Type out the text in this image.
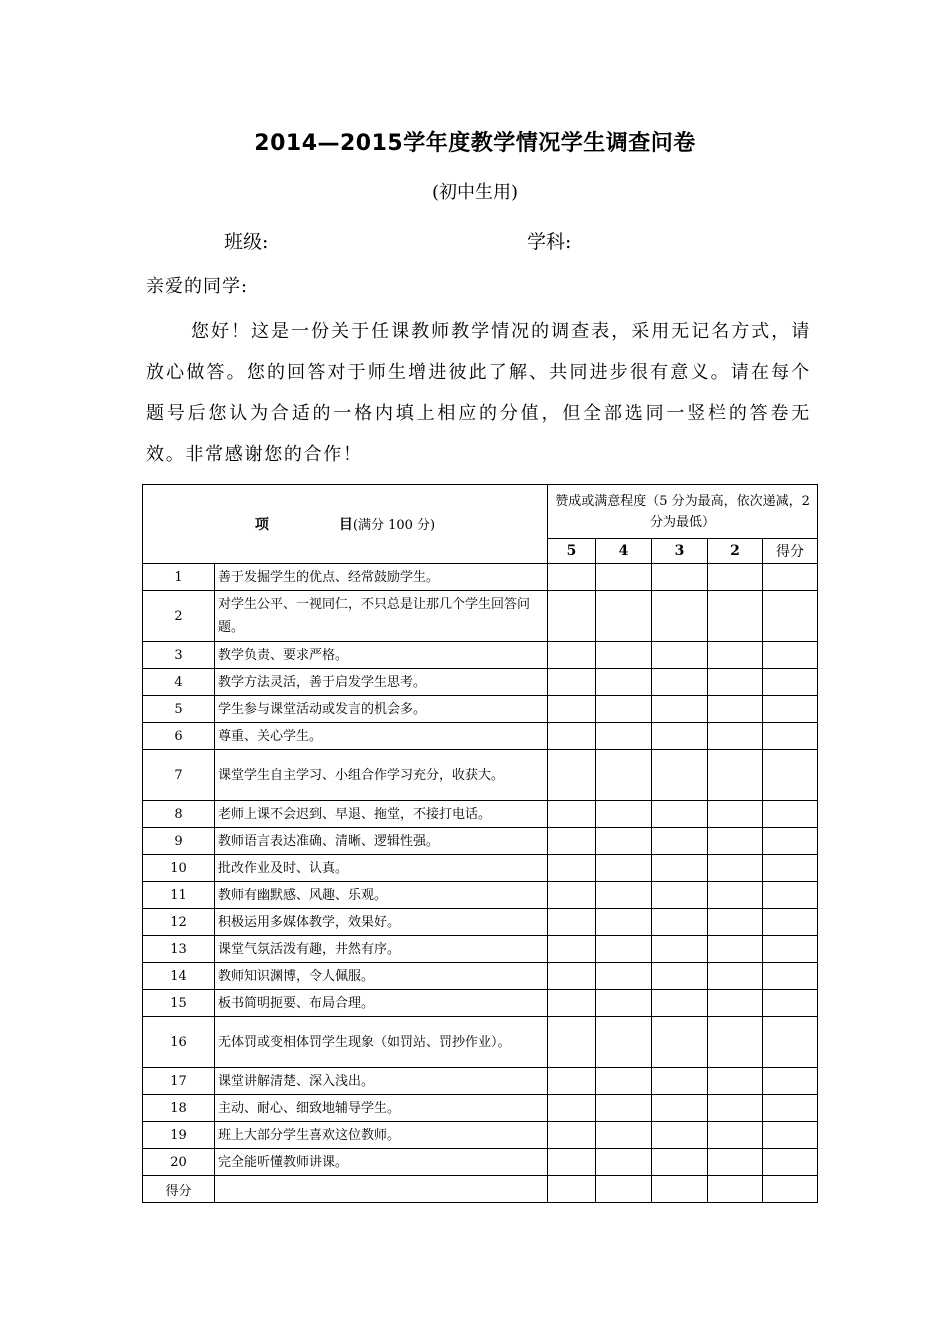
2014—2015学年度教学情况学生调查问卷
(初中生用)
班级:	学科:
亲爱的同学:

您好！这是一份关于任课教师教学情况的调查表，采用无记名方式，请放心做答。您的回答对于师生增进彼此了解、共同进步很有意义。请在每个题号后您认为合适的一格内填上相应的分值，但全部选同一竖栏的答卷无效。非常感谢您的合作！

项 目(满分 100 分)		赞成或满意程度（5 分为最高，依次递减，2 分为最低）				
		5	4	3	2	得分
1	善于发掘学生的优点、经常鼓励学生。					
2	对学生公平、一视同仁，不只总是让那几个学生回答问题。					
3	教学负责、要求严格。					
4	教学方法灵活，善于启发学生思考。					
5	学生参与课堂活动或发言的机会多。					
6	尊重、关心学生。					
7	课堂学生自主学习、小组合作学习充分，收获大。					
8	老师上课不会迟到、早退、拖堂，不接打电话。					
9	教师语言表达准确、清晰、逻辑性强。					
10	批改作业及时、认真。					
11	教师有幽默感、风趣、乐观。					
12	积极运用多媒体教学，效果好。					
13	课堂气氛活泼有趣，井然有序。					
14	教师知识渊博，令人佩服。					
15	板书简明扼要、布局合理。					
16	无体罚或变相体罚学生现象（如罚站、罚抄作业）。					
17	课堂讲解清楚、深入浅出。					
18	主动、耐心、细致地辅导学生。					
19	班上大部分学生喜欢这位教师。					
20	完全能听懂教师讲课。					
得分						
